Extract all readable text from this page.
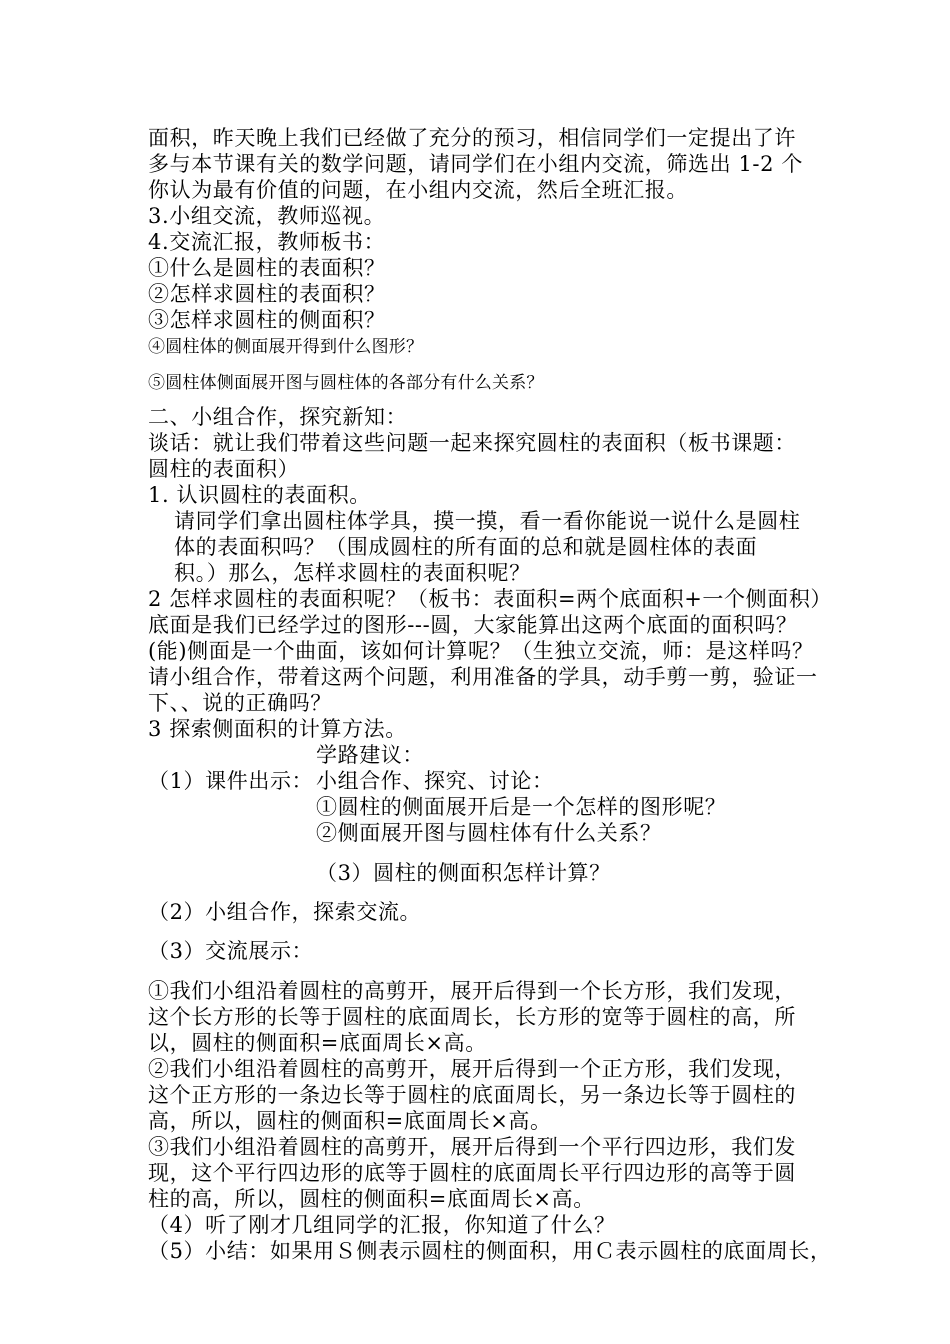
面积，昨天晚上我们已经做了充分的预习，相信同学们一定提出了许
多与本节课有关的数学问题，请同学们在小组内交流，筛选出 1-2 个
你认为最有价值的问题，在小组内交流，然后全班汇报。
3.小组交流，教师巡视。
4.交流汇报，教师板书：
①什么是圆柱的表面积？
②怎样求圆柱的表面积？
③怎样求圆柱的侧面积？
④圆柱体的侧面展开得到什么图形？
⑤圆柱体侧面展开图与圆柱体的各部分有什么关系？
二、小组合作，探究新知：
谈话：就让我们带着这些问题一起来探究圆柱的表面积（板书课题：
圆柱的表面积）
1. 认识圆柱的表面积。
请同学们拿出圆柱体学具，摸一摸，看一看你能说一说什么是圆柱
体的表面积吗？（围成圆柱的所有面的总和就是圆柱体的表面
积。）那么，怎样求圆柱的表面积呢？
2 怎样求圆柱的表面积呢？（板书：表面积=两个底面积+一个侧面积）
底面是我们已经学过的图形---圆，大家能算出这两个底面的面积吗？
(能)侧面是一个曲面，该如何计算呢？（生独立交流，师：是这样吗？
请小组合作，带着这两个问题，利用准备的学具，动手剪一剪，验证一
下、、说的正确吗？
3 探索侧面积的计算方法。
学路建议：
（1）课件出示： 小组合作、探究、讨论：
①圆柱的侧面展开后是一个怎样的图形呢？
②侧面展开图与圆柱体有什么关系？
（3）圆柱的侧面积怎样计算？
（2）小组合作，探索交流。
（3）交流展示：
①我们小组沿着圆柱的高剪开，展开后得到一个长方形，我们发现，
这个长方形的长等于圆柱的底面周长，长方形的宽等于圆柱的高，所
以，圆柱的侧面积=底面周长×高。
②我们小组沿着圆柱的高剪开，展开后得到一个正方形，我们发现，
这个正方形的一条边长等于圆柱的底面周长，另一条边长等于圆柱的
高，所以，圆柱的侧面积=底面周长×高。
③我们小组沿着圆柱的高剪开，展开后得到一个平行四边形，我们发
现，这个平行四边形的底等于圆柱的底面周长平行四边形的高等于圆
柱的高，所以，圆柱的侧面积=底面周长×高。
（4）听了刚才几组同学的汇报，你知道了什么？
（5）小结：如果用Ｓ侧表示圆柱的侧面积，用Ｃ表示圆柱的底面周长，
